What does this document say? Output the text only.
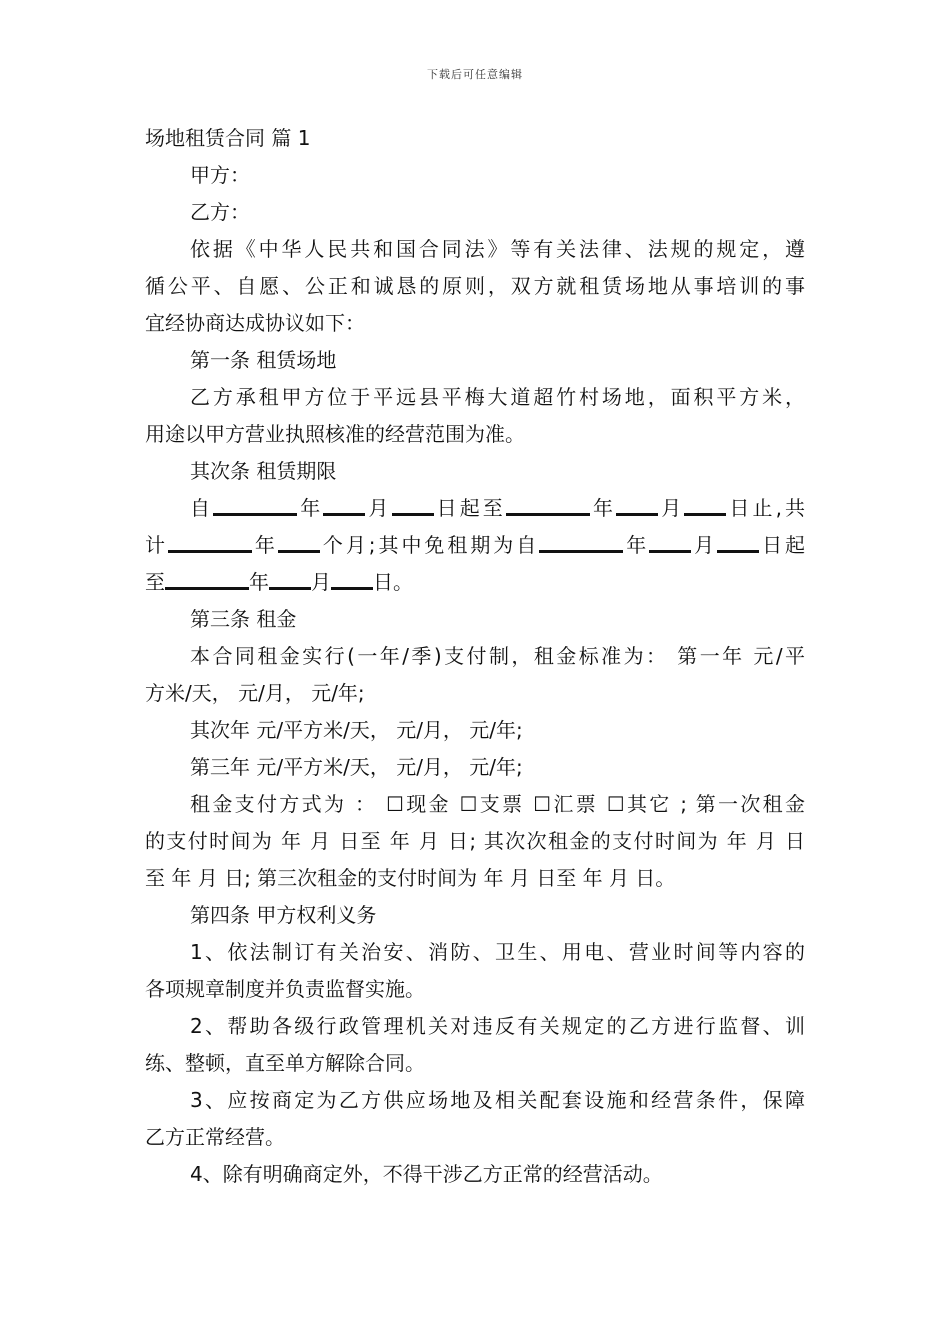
下载后可任意编辑
场地租赁合同 篇 1
甲方：
乙方：
依据《中华人民共和国合同法》等有关法律、法规的规定，遵
循公平、自愿、公正和诚恳的原则，双方就租赁场地从事培训的事
宜经协商达成协议如下：
第一条 租赁场地
乙方承租甲方位于平远县平梅大道超竹村场地，面积平方米，
用途以甲方营业执照核准的经营范围为准。
其次条 租赁期限
自	年 月 日起至	年 月 日止,共
计	年 个月;其中免租期为自	年 月 日起
至	年 月 日。
第三条 租金
本合同租金实行(一年/季)支付制，租金标准为： 第一年 元/平
方米/天， 元/月， 元/年;
其次年 元/平方米/天， 元/月， 元/年;
第三年 元/平方米/天， 元/月， 元/年;
租金支付方式为 ： ☐现金 ☐支票 ☐汇票 ☐其它 ; 第一次租金
的支付时间为 年 月 日至 年 月 日; 其次次租金的支付时间为 年 月 日
至 年 月 日; 第三次租金的支付时间为 年 月 日至 年 月 日。
第四条 甲方权利义务
1、依法制订有关治安、消防、卫生、用电、营业时间等内容的
各项规章制度并负责监督实施。
2、帮助各级行政管理机关对违反有关规定的乙方进行监督、训
练、整顿，直至单方解除合同。
3、应按商定为乙方供应场地及相关配套设施和经营条件，保障
乙方正常经营。
4、除有明确商定外，不得干涉乙方正常的经营活动。
